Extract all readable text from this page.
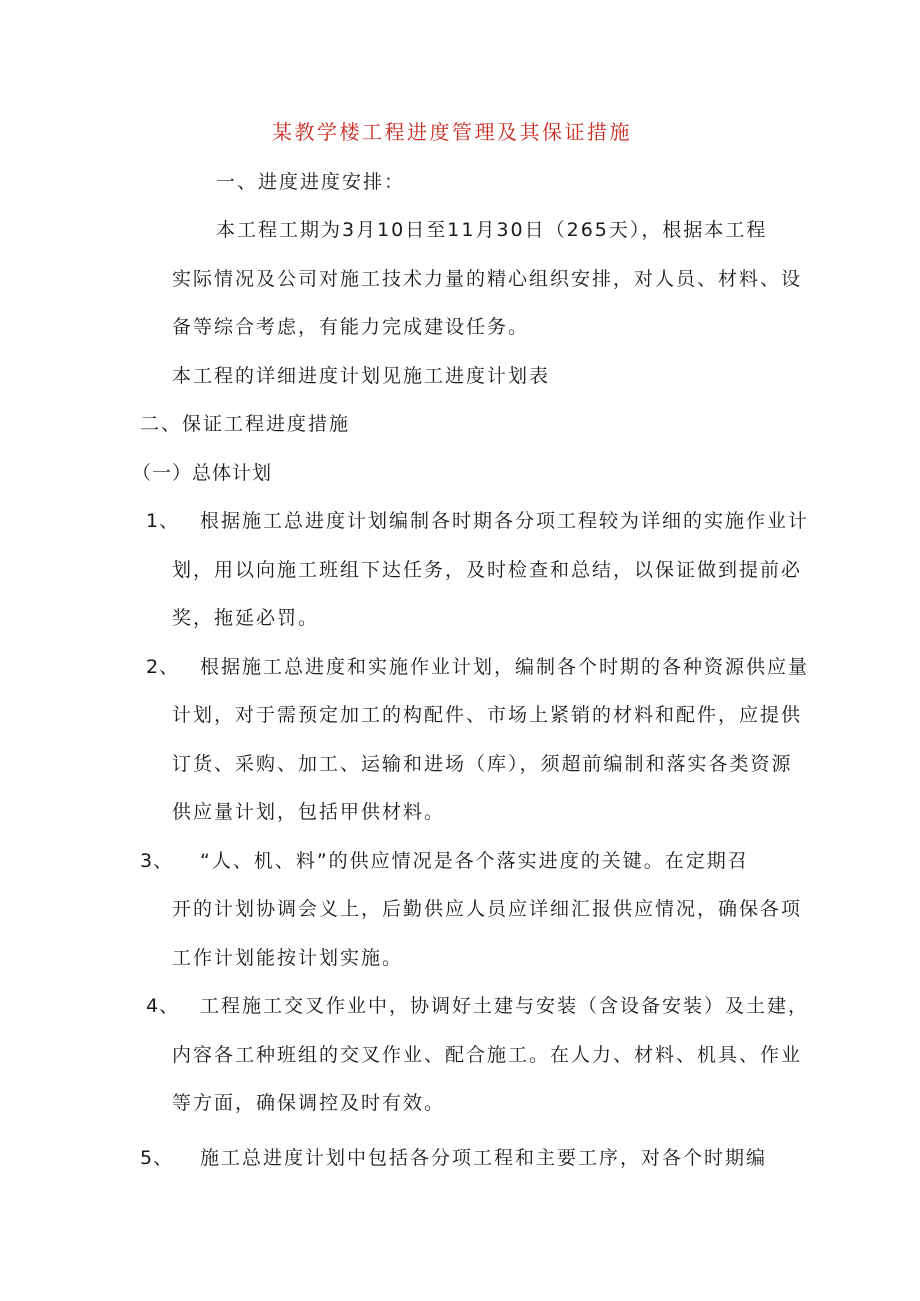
某教学楼工程进度管理及其保证措施
一、进度进度安排：
本工程工期为3月10日至11月30日（265天），根据本工程
实际情况及公司对施工技术力量的精心组织安排，对人员、材料、设
备等综合考虑，有能力完成建设任务。
本工程的详细进度计划见施工进度计划表
二、保证工程进度措施
（一）总体计划
1、 根据施工总进度计划编制各时期各分项工程较为详细的实施作业计
划，用以向施工班组下达任务，及时检查和总结，以保证做到提前必
奖，拖延必罚。
2、 根据施工总进度和实施作业计划，编制各个时期的各种资源供应量
计划，对于需预定加工的构配件、市场上紧销的材料和配件，应提供
订货、采购、加工、运输和进场（库），须超前编制和落实各类资源
供应量计划，包括甲供材料。
3、 “人、机、料”的供应情况是各个落实进度的关键。在定期召
开的计划协调会义上，后勤供应人员应详细汇报供应情况，确保各项
工作计划能按计划实施。
4、 工程施工交叉作业中，协调好土建与安装（含设备安装）及土建，
内容各工种班组的交叉作业、配合施工。在人力、材料、机具、作业
等方面，确保调控及时有效。
5、 施工总进度计划中包括各分项工程和主要工序，对各个时期编
